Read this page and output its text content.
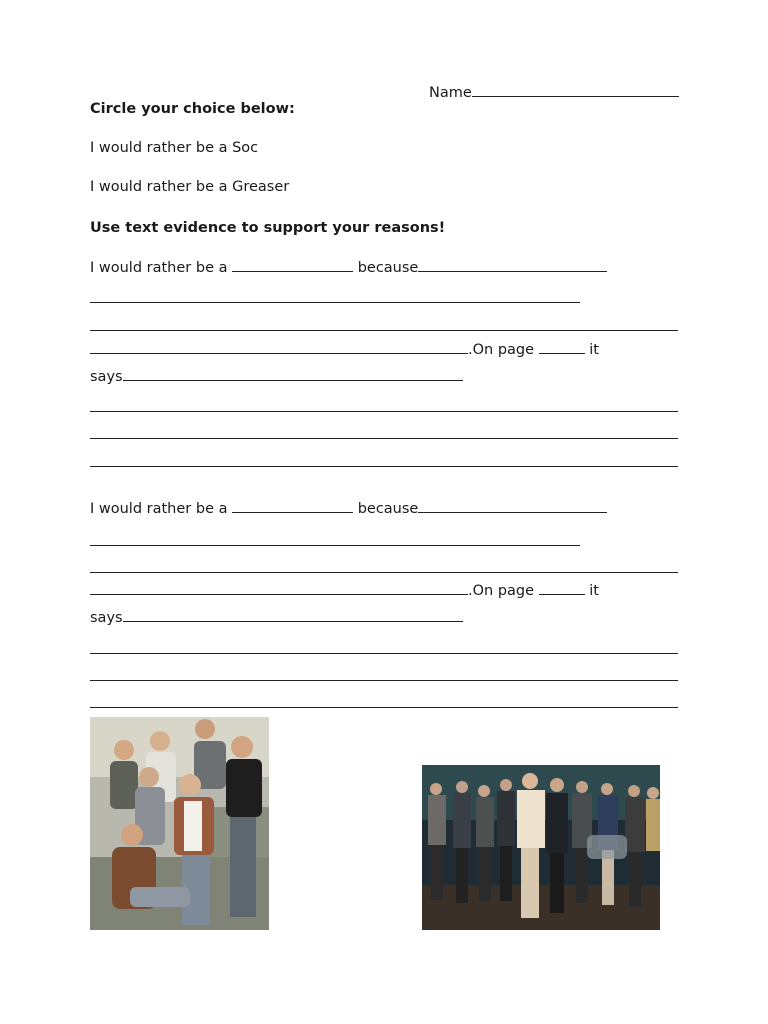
Name
Circle your choice below:
I would rather be a Soc
I would rather be a Greaser
Use text evidence to support your reasons!
I would rather be a	because
.On page	it
says
I would rather be a	because
.On page	it
says
